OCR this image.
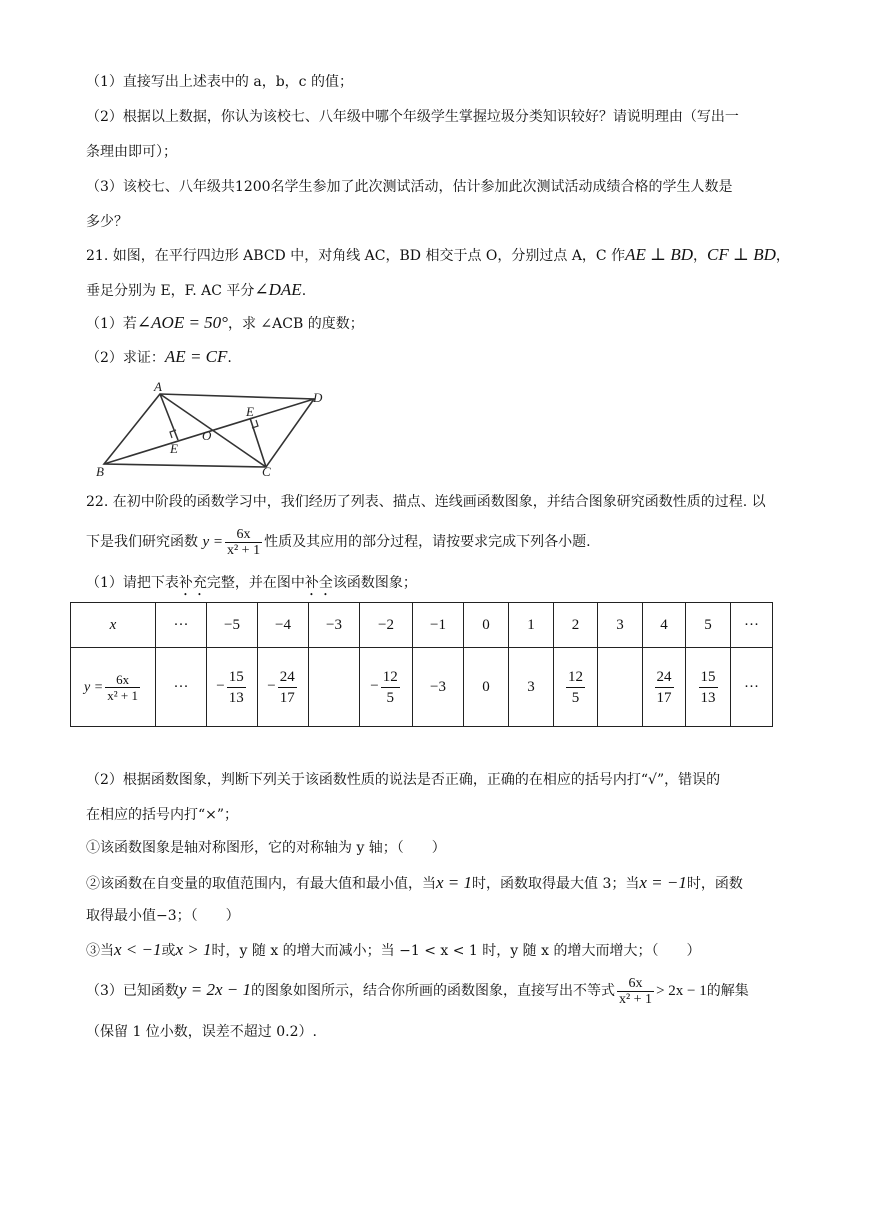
（1）直接写出上述表中的 a，b，c 的值；
（2）根据以上数据，你认为该校七、八年级中哪个年级学生掌握垃圾分类知识较好？请说明理由（写出一
条理由即可）；
（3）该校七、八年级共1200名学生参加了此次测试活动，估计参加此次测试活动成绩合格的学生人数是
多少？
21. 如图，在平行四边形 ABCD 中，对角线 AC，BD 相交于点 O，分别过点 A，C 作AE ⊥ BD，CF ⊥ BD，
垂足分别为 E，F. AC 平分∠DAE.
（1）若∠AOE = 50°，求 ∠ACB 的度数；
（2）求证：AE = CF.
A
D
B	C
E
E
O
22. 在初中阶段的函数学习中，我们经历了列表、描点、连线画函数图象，并结合图象研究函数性质的过程. 以
下是我们研究函数 $y = \frac{6x}{\text{x² + 1}}$ 性质及其应用的部分过程，请按要求完成下列各小题.
（1）请把下表补充完整，并在图中补全该函数图象；
x	···	−5	−4	−3	−2	−1	0	1	2	3	4	5	···
$y = \frac{6x}{\text{x² + 1}}$	···	− $\frac{15}{13}$	− $\frac{24}{17}$		− $\frac{12}{5}$	−3	0	3	$\frac{12}{5}$		$\frac{24}{17}$	$\frac{15}{13}$	···
（2）根据函数图象，判断下列关于该函数性质的说法是否正确，正确的在相应的括号内打“√”，错误的
在相应的括号内打“×”；
①该函数图象是轴对称图形，它的对称轴为 y 轴；（　　）
②该函数在自变量的取值范围内，有最大值和最小值，当x = 1时，函数取得最大值 3；当x = −1时，函数
取得最小值−3；（　　）
③当x < −1或x > 1时，y 随 x 的增大而减小；当 −1 < x < 1 时，y 随 x 的增大而增大；（　　）
（3）已知函数y = 2x − 1的图象如图所示，结合你所画的函数图象，直接写出不等式 $\frac{6x}{\text{x² + 1}} > 2x - 1$的解集
（保留 1 位小数，误差不超过 0.2）.
